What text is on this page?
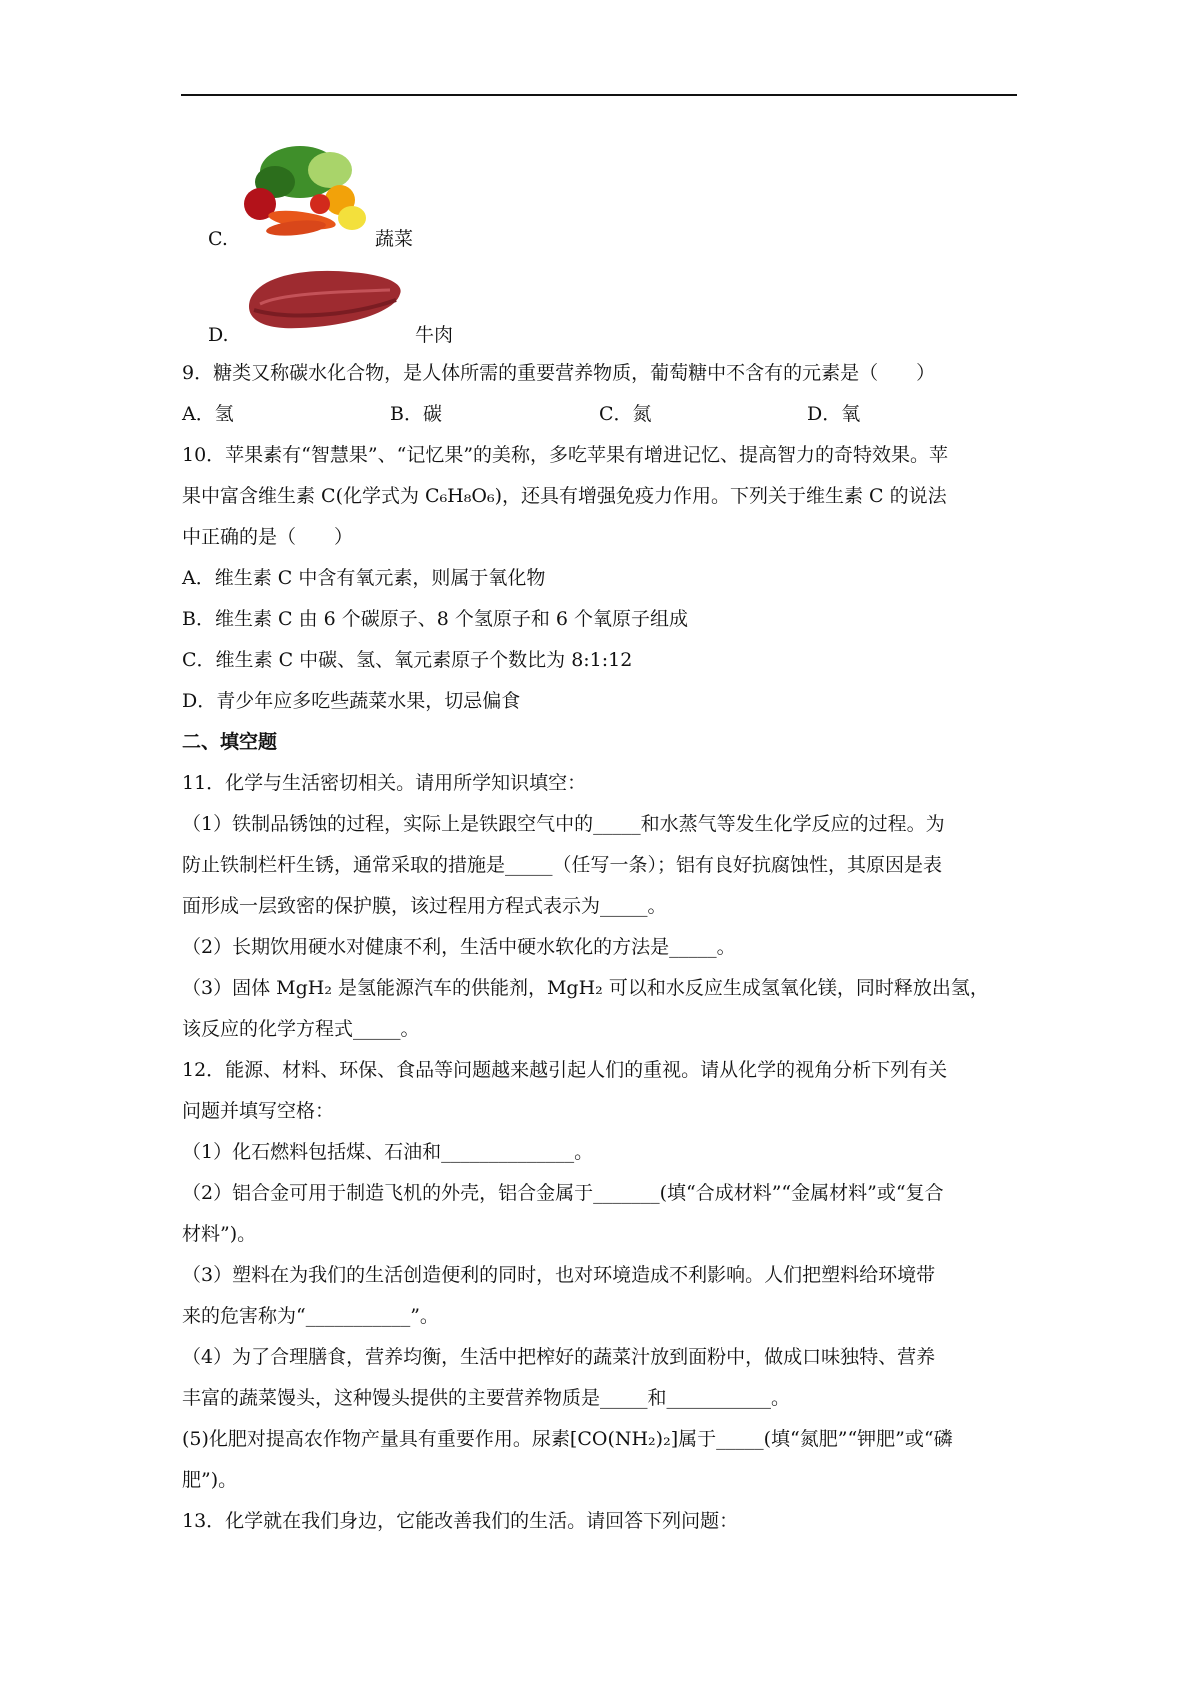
C.	蔬菜
D.	牛肉
9．糖类又称碳水化合物，是人体所需的重要营养物质，葡萄糖中不含有的元素是（　　）
A．氢	B．碳	C．氮	D．氧
10．苹果素有“智慧果”、“记忆果”的美称，多吃苹果有增进记忆、提高智力的奇特效果。苹
果中富含维生素 C(化学式为 C₆H₈O₆)，还具有增强免疫力作用。下列关于维生素 C 的说法
中正确的是（　　）
A．维生素 C 中含有氧元素，则属于氧化物
B．维生素 C 由 6 个碳原子、8 个氢原子和 6 个氧原子组成
C．维生素 C 中碳、氢、氧元素原子个数比为 8:1:12
D．青少年应多吃些蔬菜水果，切忌偏食
二、填空题
11．化学与生活密切相关。请用所学知识填空：
（1）铁制品锈蚀的过程，实际上是铁跟空气中的_____和水蒸气等发生化学反应的过程。为
防止铁制栏杆生锈，通常采取的措施是_____（任写一条）；铝有良好抗腐蚀性，其原因是表
面形成一层致密的保护膜，该过程用方程式表示为_____。
（2）长期饮用硬水对健康不利，生活中硬水软化的方法是_____。
（3）固体 MgH₂ 是氢能源汽车的供能剂，MgH₂ 可以和水反应生成氢氧化镁，同时释放出氢，
该反应的化学方程式_____。
12．能源、材料、环保、食品等问题越来越引起人们的重视。请从化学的视角分析下列有关
问题并填写空格：
（1）化石燃料包括煤、石油和______________。
（2）铝合金可用于制造飞机的外壳，铝合金属于_______(填“合成材料”“金属材料”或“复合
材料”)。
（3）塑料在为我们的生活创造便利的同时，也对环境造成不利影响。人们把塑料给环境带
来的危害称为“___________”。
（4）为了合理膳食，营养均衡，生活中把榨好的蔬菜汁放到面粉中，做成口味独特、营养
丰富的蔬菜馒头，这种馒头提供的主要营养物质是_____和___________。
(5)化肥对提高农作物产量具有重要作用。尿素[CO(NH₂)₂]属于_____(填“氮肥”“钾肥”或“磷
肥”)。
13．化学就在我们身边，它能改善我们的生活。请回答下列问题：
